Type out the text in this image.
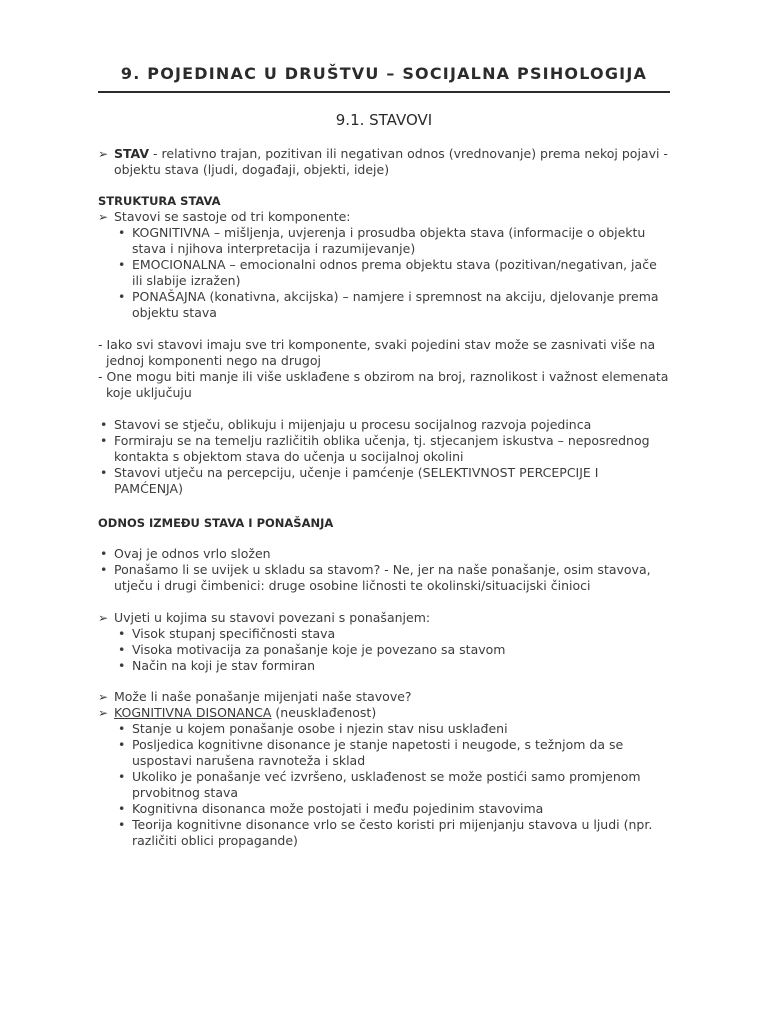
9. POJEDINAC U DRUŠTVU – SOCIJALNA PSIHOLOGIJA
9.1. STAVOVI
➢ STAV - relativno trajan, pozitivan ili negativan odnos (vrednovanje) prema nekoj pojavi - objektu stava (ljudi, događaji, objekti, ideje)
STRUKTURA STAVA
➢ Stavovi se sastoje od tri komponente:
• KOGNITIVNA – mišljenja, uvjerenja i prosudba objekta stava (informacije o objektu stava i njihova interpretacija i razumijevanje)
• EMOCIONALNA – emocionalni odnos prema objektu stava (pozitivan/negativan, jače ili slabije izražen)
• PONAŠAJNA (konativna, akcijska) – namjere i spremnost na akciju, djelovanje prema objektu stava
- Iako svi stavovi imaju sve tri komponente, svaki pojedini stav može se zasnivati više na jednoj komponenti nego na drugoj
- One mogu biti manje ili više usklađene s obzirom na broj, raznolikost i važnost elemenata koje uključuju
• Stavovi se stječu, oblikuju i mijenjaju u procesu socijalnog razvoja pojedinca
• Formiraju se na temelju različitih oblika učenja, tj. stjecanjem iskustva – neposrednog kontakta s objektom stava do učenja u socijalnoj okolini
• Stavovi utječu na percepciju, učenje i pamćenje (SELEKTIVNOST PERCEPCIJE I PAMĆENJA)
ODNOS IZMEĐU STAVA I PONAŠANJA
• Ovaj je odnos vrlo složen
• Ponašamo li se uvijek u skladu sa stavom? - Ne, jer na naše ponašanje, osim stavova, utječu i drugi čimbenici: druge osobine ličnosti te okolinski/situacijski činioci
➢ Uvjeti u kojima su stavovi povezani s ponašanjem:
• Visok stupanj specifičnosti stava
• Visoka motivacija za ponašanje koje je povezano sa stavom
• Način na koji je stav formiran
➢ Može li naše ponašanje mijenjati naše stavove?
➢ KOGNITIVNA DISONANCA (neusklađenost)
• Stanje u kojem ponašanje osobe i njezin stav nisu usklađeni
• Posljedica kognitivne disonance je stanje napetosti i neugode, s težnjom da se uspostavi narušena ravnoteža i sklad
• Ukoliko je ponašanje već izvršeno, usklađenost se može postići samo promjenom prvobitnog stava
• Kognitivna disonanca može postojati i među pojedinim stavovima
• Teorija kognitivne disonance vrlo se često koristi pri mijenjanju stavova u ljudi (npr. različiti oblici propagande)
